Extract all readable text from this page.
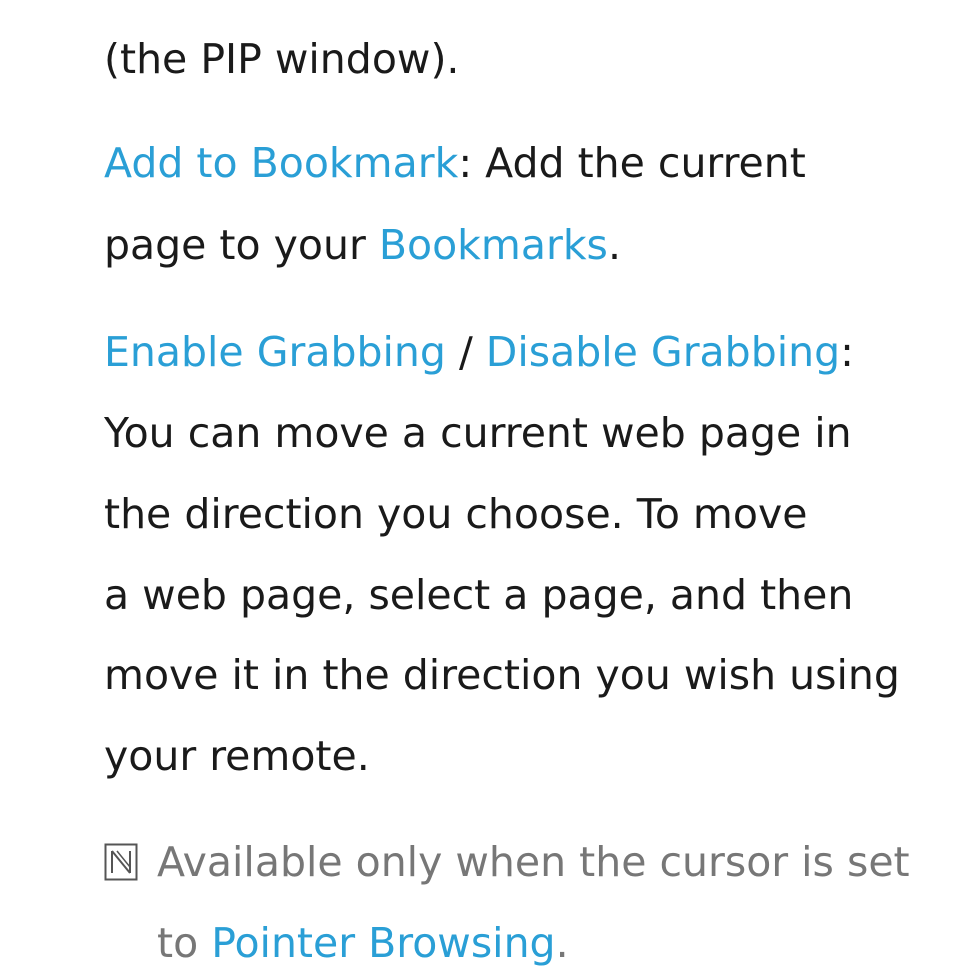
(the PIP window).
Add to Bookmark: Add the current
page to your Bookmarks.
Enable Grabbing / Disable Grabbing:
You can move a current web page in
the direction you choose. To move
a web page, select a page, and then
move it in the direction you wish using
your remote.
Available only when the cursor is set
to Pointer Browsing.
